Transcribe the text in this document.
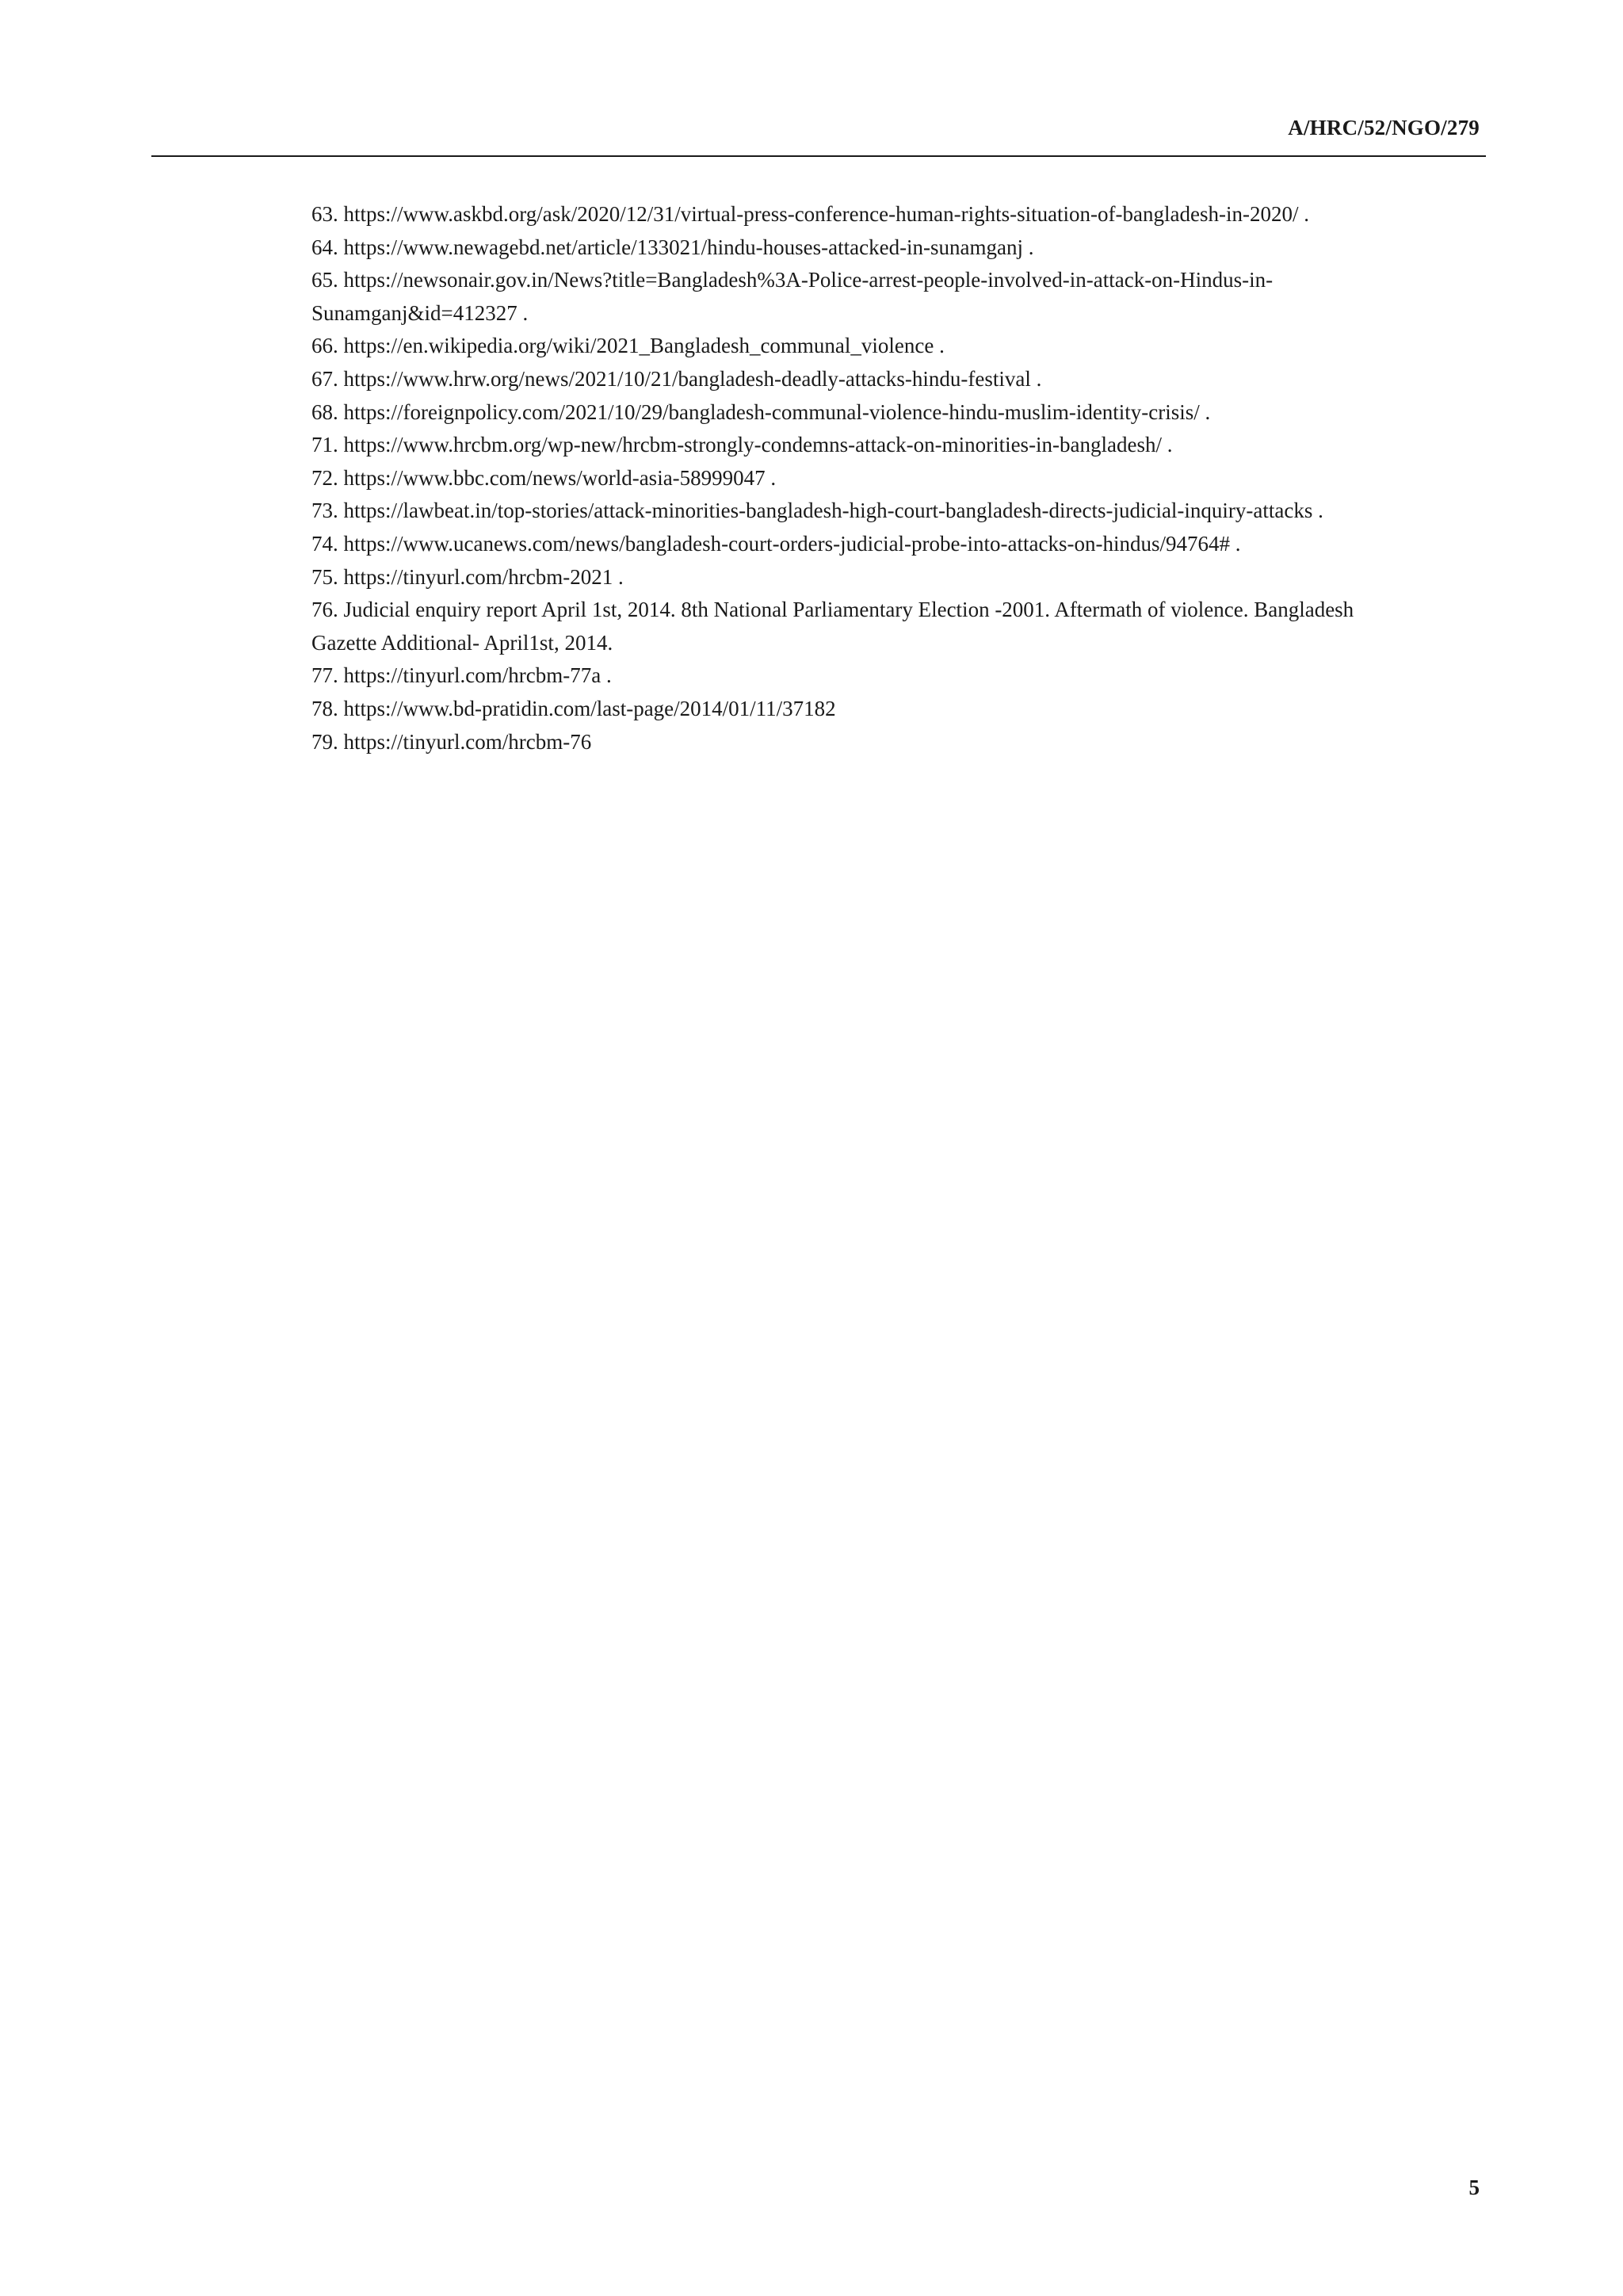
A/HRC/52/NGO/279

63. https://www.askbd.org/ask/2020/12/31/virtual-press-conference-human-rights-situation-of-bangladesh-in-2020/ .

64. https://www.newagebd.net/article/133021/hindu-houses-attacked-in-sunamganj .

65. https://newsonair.gov.in/News?title=Bangladesh%3A-Police-arrest-people-involved-in-attack-on-Hindus-in-Sunamganj&id=412327 .

66. https://en.wikipedia.org/wiki/2021_Bangladesh_communal_violence .

67. https://www.hrw.org/news/2021/10/21/bangladesh-deadly-attacks-hindu-festival .

68. https://foreignpolicy.com/2021/10/29/bangladesh-communal-violence-hindu-muslim-identity-crisis/ .

71. https://www.hrcbm.org/wp-new/hrcbm-strongly-condemns-attack-on-minorities-in-bangladesh/ .

72. https://www.bbc.com/news/world-asia-58999047 .

73. https://lawbeat.in/top-stories/attack-minorities-bangladesh-high-court-bangladesh-directs-judicial-inquiry-attacks .

74. https://www.ucanews.com/news/bangladesh-court-orders-judicial-probe-into-attacks-on-hindus/94764# .

75. https://tinyurl.com/hrcbm-2021 .

76. Judicial enquiry report April 1st, 2014. 8th National Parliamentary Election -2001. Aftermath of violence. Bangladesh Gazette Additional- April1st, 2014.

77. https://tinyurl.com/hrcbm-77a .

78. https://www.bd-pratidin.com/last-page/2014/01/11/37182

79. https://tinyurl.com/hrcbm-76

5
